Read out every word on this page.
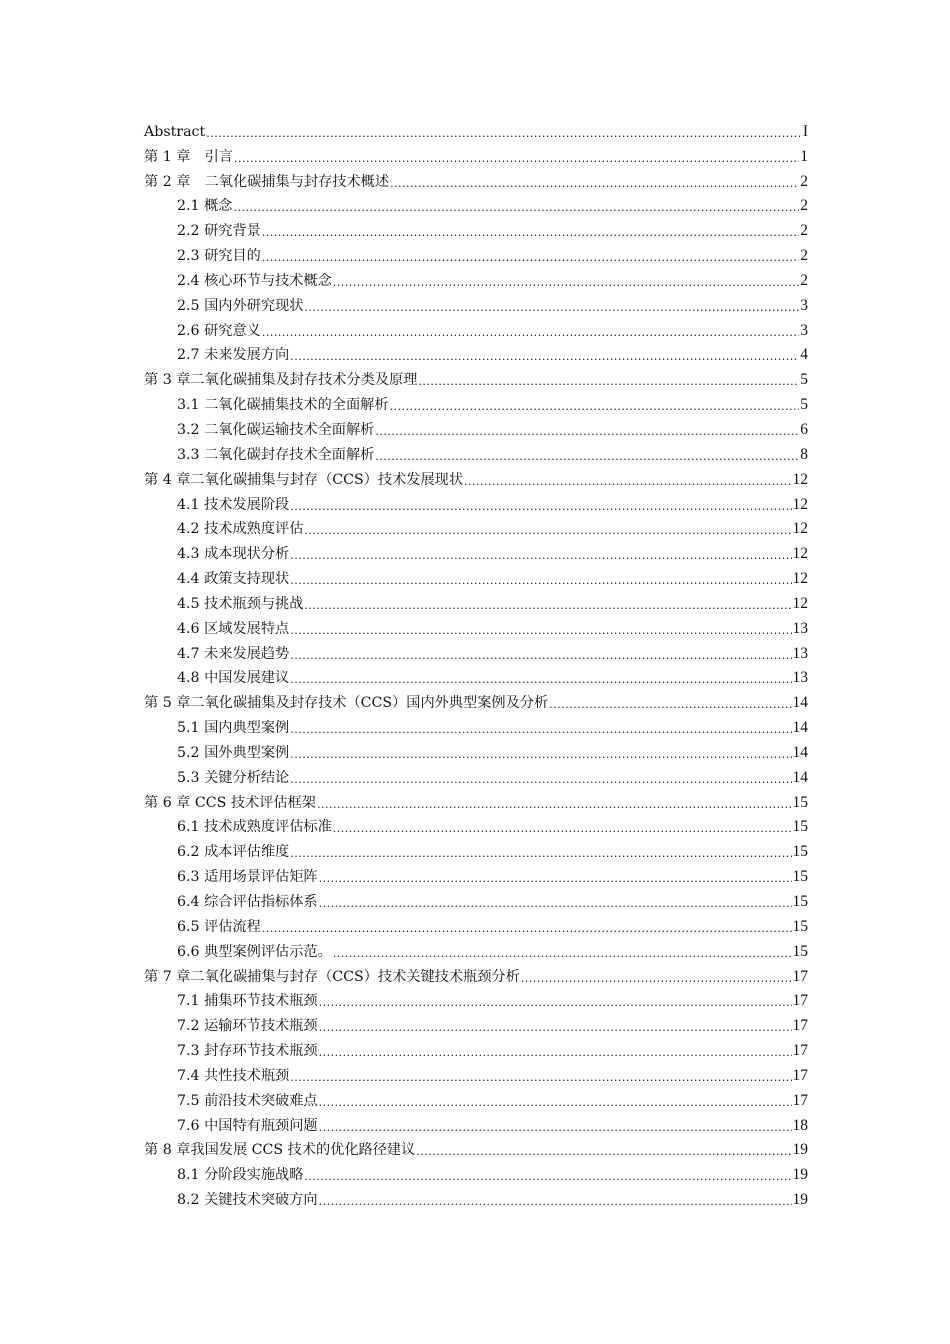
Abstract .....	I
第 1 章　引言 .....	1
第 2 章　二氧化碳捕集与封存技术概述 .....	2
2.1 概念 .....	2
2.2 研究背景 .....	2
2.3 研究目的 .....	2
2.4 核心环节与技术概念 .....	2
2.5 国内外研究现状 .....	3
2.6 研究意义 .....	3
2.7 未来发展方向 .....	4
第 3 章二氧化碳捕集及封存技术分类及原理 .....	5
3.1 二氧化碳捕集技术的全面解析 .....	5
3.2 二氧化碳运输技术全面解析 .....	6
3.3 二氧化碳封存技术全面解析 .....	8
第 4 章二氧化碳捕集与封存（CCS）技术发展现状 .....	12
4.1 技术发展阶段 .....	12
4.2 技术成熟度评估 .....	12
4.3 成本现状分析 .....	12
4.4 政策支持现状 .....	12
4.5 技术瓶颈与挑战 .....	12
4.6 区域发展特点 .....	13
4.7 未来发展趋势 .....	13
4.8 中国发展建议 .....	13
第 5 章二氧化碳捕集及封存技术（CCS）国内外典型案例及分析 .....	14
5.1 国内典型案例 .....	14
5.2 国外典型案例 .....	14
5.3 关键分析结论 .....	14
第 6 章 CCS 技术评估框架 .....	15
6.1 技术成熟度评估标准 .....	15
6.2 成本评估维度 .....	15
6.3 适用场景评估矩阵 .....	15
6.4 综合评估指标体系 .....	15
6.5 评估流程 .....	15
6.6 典型案例评估示范。 .....	15
第 7 章二氧化碳捕集与封存（CCS）技术关键技术瓶颈分析 .....	17
7.1 捕集环节技术瓶颈 .....	17
7.2 运输环节技术瓶颈 .....	17
7.3 封存环节技术瓶颈 .....	17
7.4 共性技术瓶颈 .....	17
7.5 前沿技术突破难点 .....	17
7.6 中国特有瓶颈问题 .....	18
第 8 章我国发展 CCS 技术的优化路径建议 .....	19
8.1 分阶段实施战略 .....	19
8.2 关键技术突破方向 .....	19
